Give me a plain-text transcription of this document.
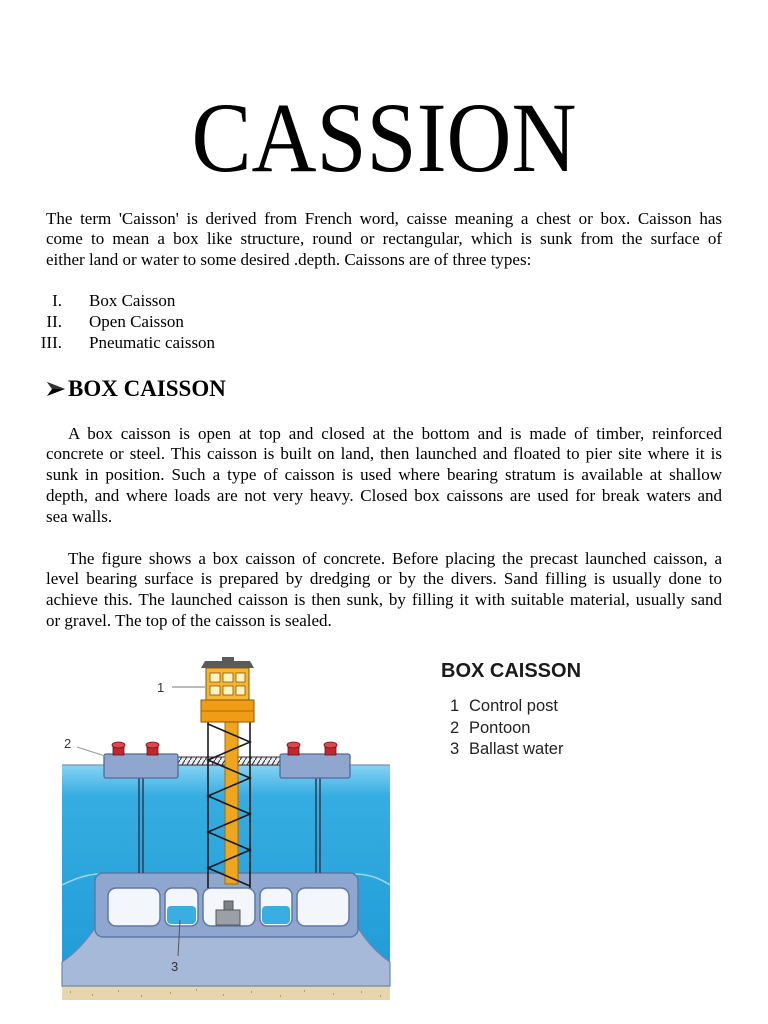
CASSION
The term 'Caisson' is derived from French word, caisse meaning a chest or box. Caisson has
come to mean a box like structure, round or rectangular, which is sunk from the surface of
either land or water to some desired .depth. Caissons are of three types:
I. Box Caisson
II. Open Caisson
III. Pneumatic caisson
BOX CAISSON
A box caisson is open at top and closed at the bottom and is made of timber, reinforced
concrete or steel. This caisson is built on land, then launched and floated to pier site where it is
sunk in position. Such a type of caisson is used where bearing stratum is available at shallow
depth, and where loads are not very heavy. Closed box caissons are used for break waters and
sea walls.
The figure shows a box caisson of concrete. Before placing the precast launched caisson, a
level bearing surface is prepared by dredging or by the divers. Sand filling is usually done to
achieve this. The launched caisson is then sunk, by filling it with suitable material, usually sand
or gravel. The top of the caisson is sealed.
1
2
3
BOX CAISSON
1 Control post
2 Pontoon
3 Ballast water
